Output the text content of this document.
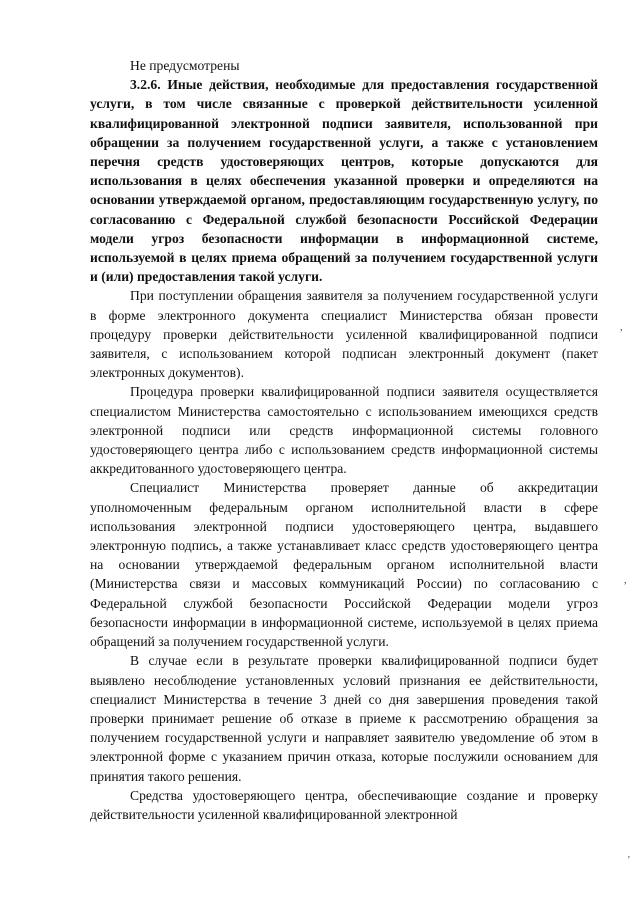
Не предусмотрены

3.2.6. Иные действия, необходимые для предоставления государственной услуги, в том числе связанные с проверкой действительности усиленной квалифицированной электронной подписи заявителя, использованной при обращении за получением государственной услуги, а также с установлением перечня средств удостоверяющих центров, которые допускаются для использования в целях обеспечения указанной проверки и определяются на основании утверждаемой органом, предоставляющим государственную услугу, по согласованию с Федеральной службой безопасности Российской Федерации модели угроз безопасности информации в информационной системе, используемой в целях приема обращений за получением государственной услуги и (или) предоставления такой услуги.

При поступлении обращения заявителя за получением государственной услуги в форме электронного документа специалист Министерства обязан провести процедуру проверки действительности усиленной квалифицированной подписи заявителя, с использованием которой подписан электронный документ (пакет электронных документов).

Процедура проверки квалифицированной подписи заявителя осуществляется специалистом Министерства самостоятельно с использованием имеющихся средств электронной подписи или средств информационной системы головного удостоверяющего центра либо с использованием средств информационной системы аккредитованного удостоверяющего центра.

Специалист Министерства проверяет данные об аккредитации уполномоченным федеральным органом исполнительной власти в сфере использования электронной подписи удостоверяющего центра, выдавшего электронную подпись, а также устанавливает класс средств удостоверяющего центра на основании утверждаемой федеральным органом исполнительной власти (Министерства связи и массовых коммуникаций России) по согласованию с Федеральной службой безопасности Российской Федерации модели угроз безопасности информации в информационной системе, используемой в целях приема обращений за получением государственной услуги.

В случае если в результате проверки квалифицированной подписи будет выявлено несоблюдение установленных условий признания ее действительности, специалист Министерства в течение 3 дней со дня завершения проведения такой проверки принимает решение об отказе в приеме к рассмотрению обращения за получением государственной услуги и направляет заявителю уведомление об этом в электронной форме с указанием причин отказа, которые послужили основанием для принятия такого решения.

Средства удостоверяющего центра, обеспечивающие создание и проверку действительности усиленной квалифицированной электронной

,
,
'
